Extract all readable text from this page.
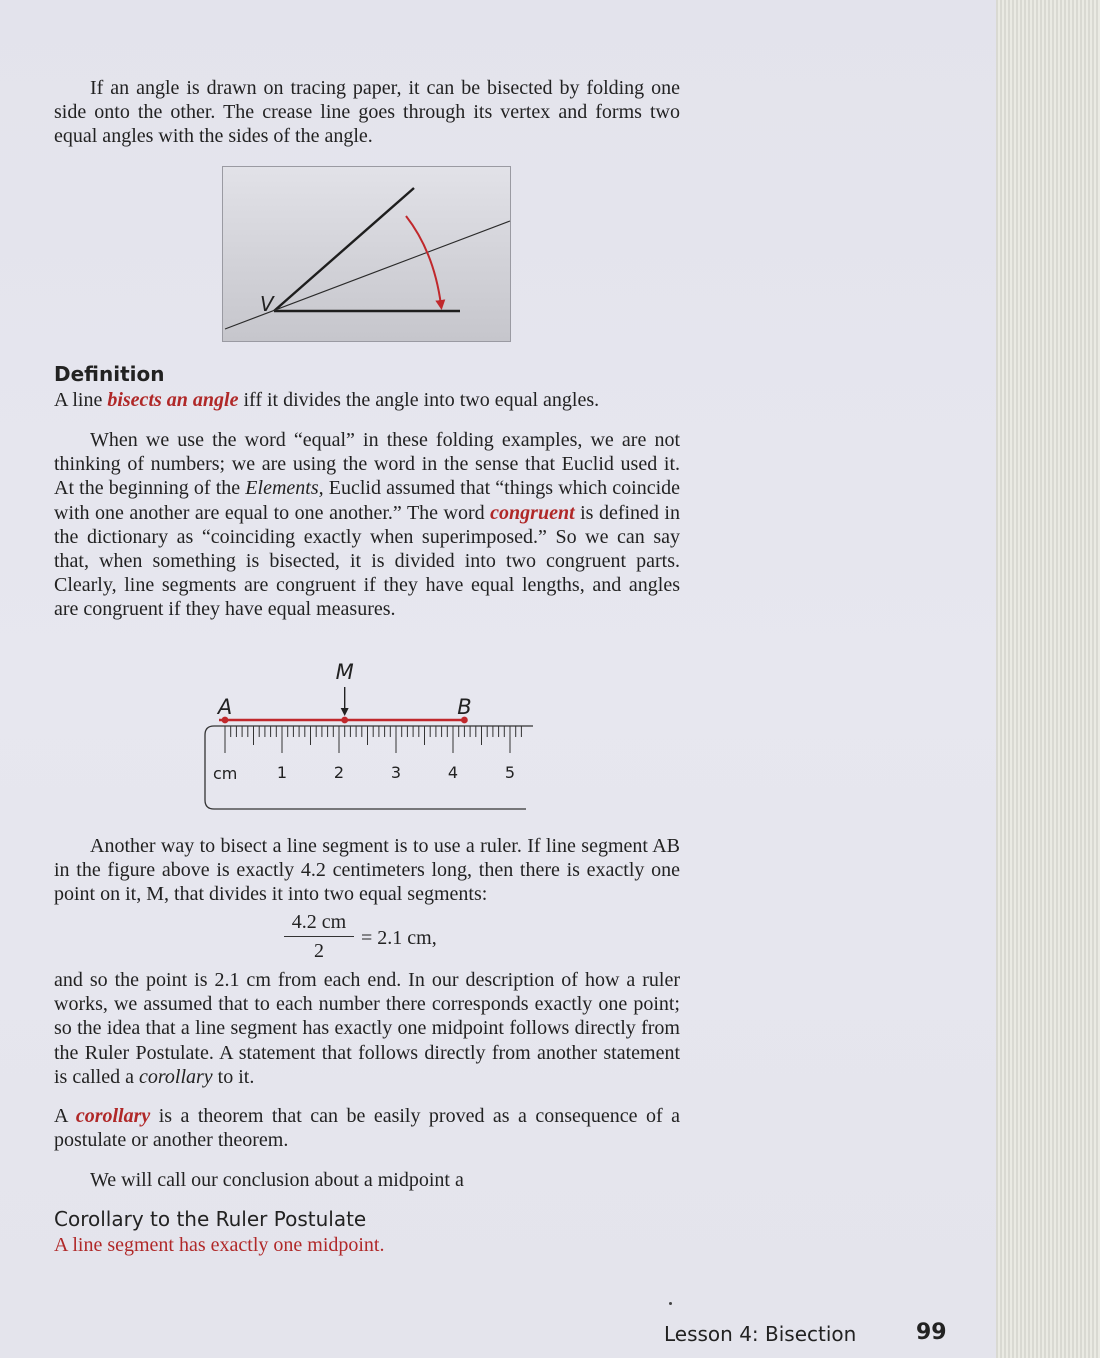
If an angle is drawn on tracing paper, it can be bisected by folding one side onto the other. The crease line goes through its vertex and forms two equal angles with the sides of the angle.

V
Definition

A line bisects an angle iff it divides the angle into two equal angles.

When we use the word “equal” in these folding examples, we are not thinking of numbers; we are using the word in the sense that Euclid used it. At the beginning of the Elements, Euclid assumed that “things which coincide with one another are equal to one another.” The word congruent is defined in the dictionary as “coinciding exactly when superimposed.” So we can say that, when something is bisected, it is divided into two congruent parts. Clearly, line segments are congruent if they have equal lengths, and angles are congruent if they have equal measures.

A	B
M
cm 1	2	3	4	5

Another way to bisect a line segment is to use a ruler. If line segment AB in the figure above is exactly 4.2 centimeters long, then there is exactly one point on it, M, that divides it into two equal segments:

$\frac{4.2 cm}{2} = 2.1$ cm,

and so the point is 2.1 cm from each end. In our description of how a ruler works, we assumed that to each number there corresponds exactly one point; so the idea that a line segment has exactly one midpoint follows directly from the Ruler Postulate. A statement that follows directly from another statement is called a corollary to it.

A corollary is a theorem that can be easily proved as a consequence of a postulate or another theorem.

We will call our conclusion about a midpoint a

Corollary to the Ruler Postulate

A line segment has exactly one midpoint.

Lesson 4: Bisection	99
